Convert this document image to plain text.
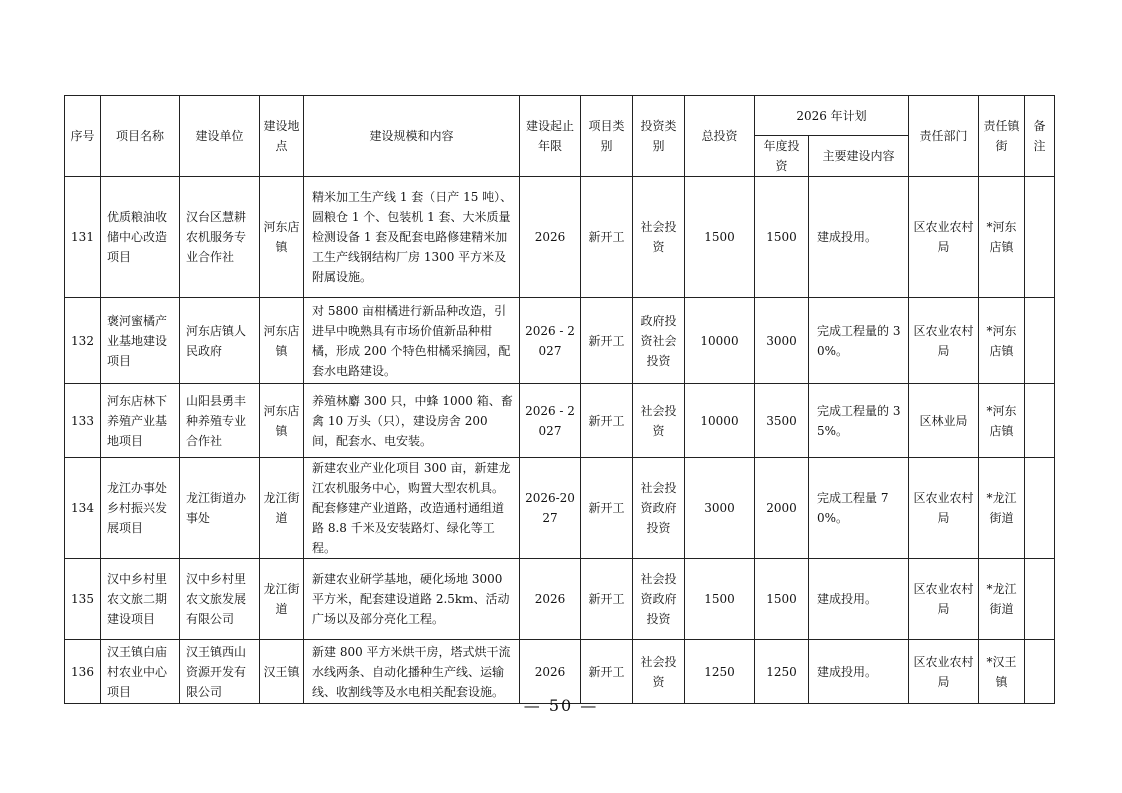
序号	项目名称	建设单位	建设地点	建设规模和内容	建设起止年限	项目类别	投资类别	总投资	2026 年计划		责任部门	责任镇街	备注
									年度投资	主要建设内容			
131	优质粮油收储中心改造项目	汉台区慧耕农机服务专业合作社	河东店镇	精米加工生产线 1 套（日产 15 吨）、圆粮仓 1 个、包装机 1 套、大米质量检测设备 1 套及配套电路修建精米加工生产线钢结构厂房 1300 平方米及附属设施。	2026	新开工	社会投资	1500	1500	建成投用。	区农业农村局	*河东店镇	
132	褒河蜜橘产业基地建设项目	河东店镇人民政府	河东店镇	对 5800 亩柑橘进行新品种改造，引进早中晚熟具有市场价值新品种柑橘，形成 200 个特色柑橘采摘园，配套水电路建设。	2026 - 2027	新开工	政府投资社会投资	10000	3000	完成工程量的 30%。	区农业农村局	*河东店镇	
133	河东店林下养殖产业基地项目	山阳县勇丰种养殖专业合作社	河东店镇	养殖林麝 300 只，中蜂 1000 箱、畜禽 10 万头（只），建设房舍 200 间，配套水、电安装。	2026 - 2027	新开工	社会投资	10000	3500	完成工程量的 35%。	区林业局	*河东店镇	
134	龙江办事处乡村振兴发展项目	龙江街道办事处	龙江街道	新建农业产业化项目 300 亩，新建龙江农机服务中心，购置大型农机具。配套修建产业道路，改造通村通组道路 8.8 千米及安装路灯、绿化等工程。	2026-2027	新开工	社会投资政府投资	3000	2000	完成工程量 70%。	区农业农村局	*龙江街道	
135	汉中乡村里农文旅二期建设项目	汉中乡村里农文旅发展有限公司	龙江街道	新建农业研学基地，硬化场地 3000 平方米，配套建设道路 2.5km、活动广场以及部分亮化工程。	2026	新开工	社会投资政府投资	1500	1500	建成投用。	区农业农村局	*龙江街道	
136	汉王镇白庙村农业中心项目	汉王镇西山资源开发有限公司	汉王镇	新建 800 平方米烘干房，塔式烘干流水线两条、自动化播种生产线、运输线、收割线等及水电相关配套设施。	2026	新开工	社会投资	1250	1250	建成投用。	区农业农村局	*汉王镇	
— 50 —
